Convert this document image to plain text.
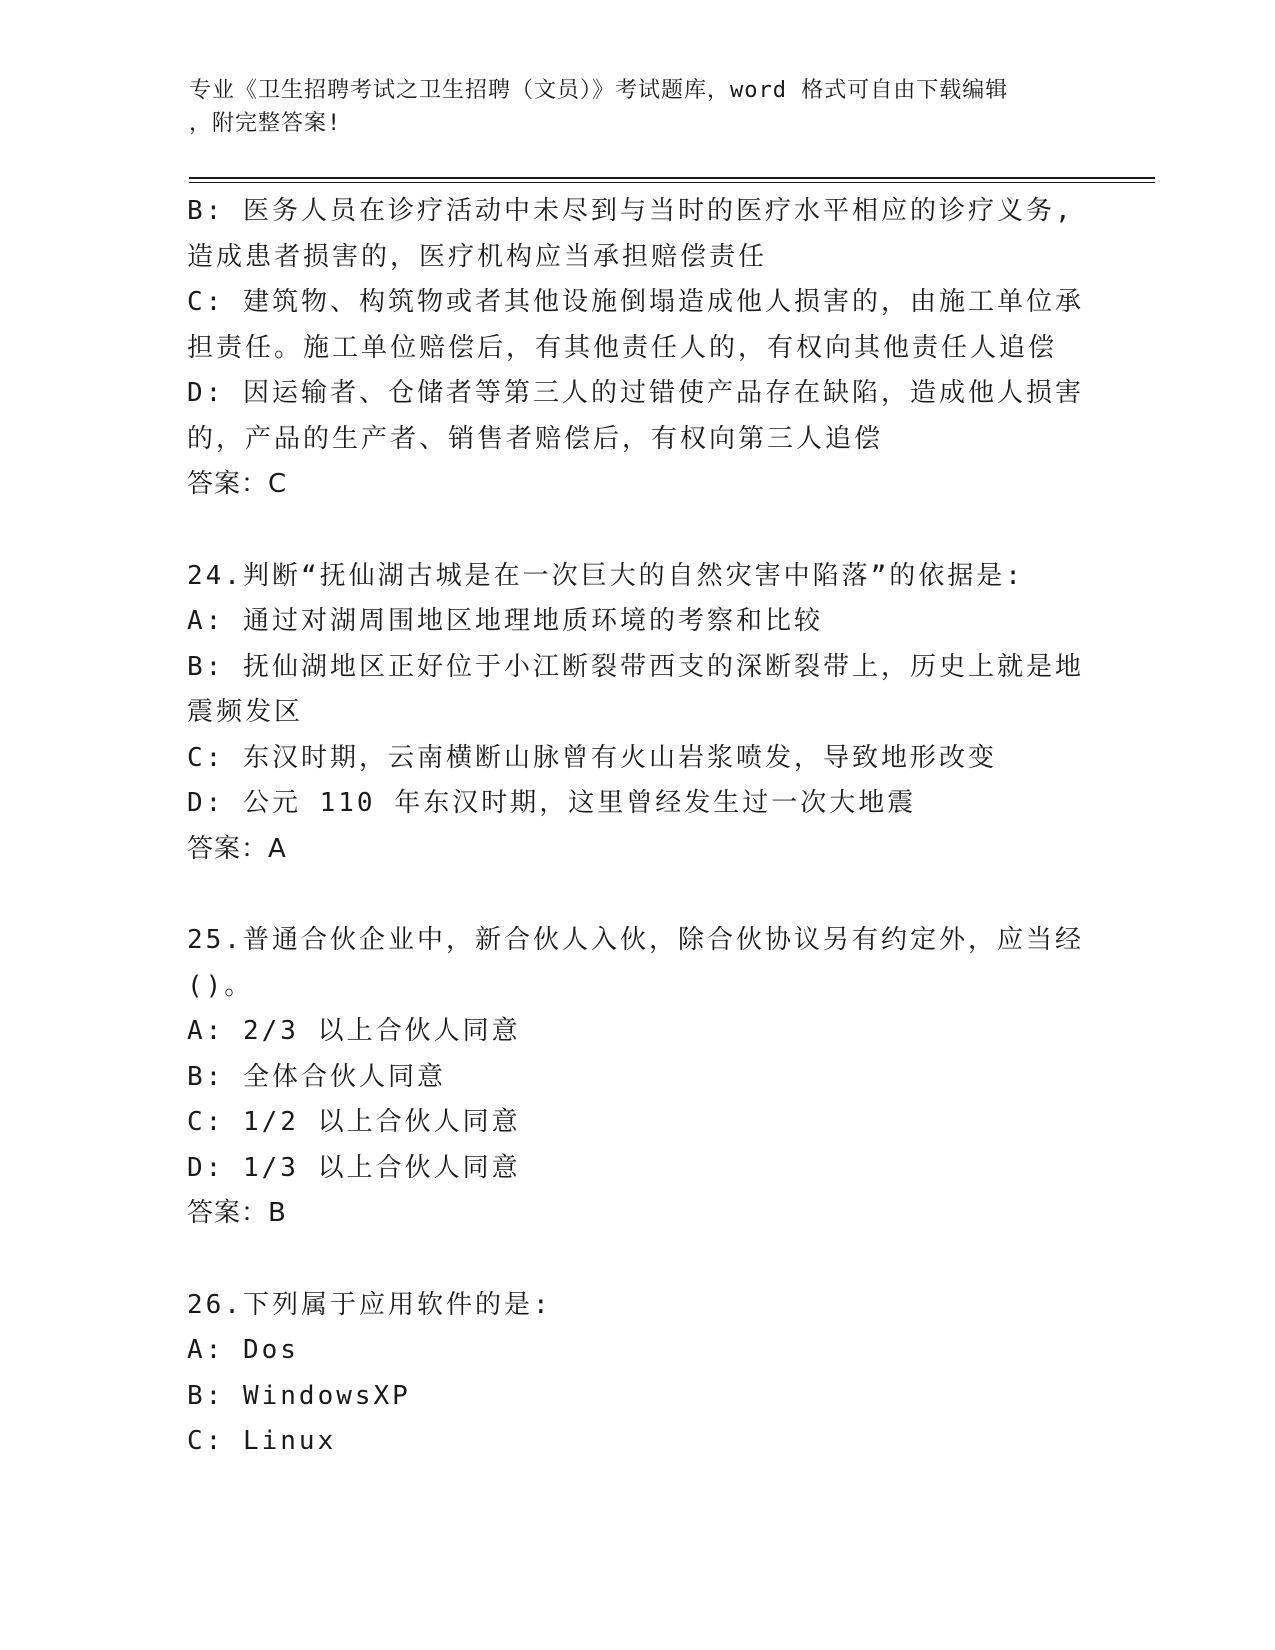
专业《卫生招聘考试之卫生招聘（文员）》考试题库，word 格式可自由下载编辑
，附完整答案!
B: 医务人员在诊疗活动中未尽到与当时的医疗水平相应的诊疗义务,
造成患者损害的，医疗机构应当承担赔偿责任
C: 建筑物、构筑物或者其他设施倒塌造成他人损害的，由施工单位承
担责任。施工单位赔偿后，有其他责任人的，有权向其他责任人追偿
D: 因运输者、仓储者等第三人的过错使产品存在缺陷，造成他人损害
的，产品的生产者、销售者赔偿后，有权向第三人追偿
答案：C
24.判断“抚仙湖古城是在一次巨大的自然灾害中陷落”的依据是:
A: 通过对湖周围地区地理地质环境的考察和比较
B: 抚仙湖地区正好位于小江断裂带西支的深断裂带上，历史上就是地
震频发区
C: 东汉时期，云南横断山脉曾有火山岩浆喷发，导致地形改变
D: 公元 110 年东汉时期，这里曾经发生过一次大地震
答案：A
25.普通合伙企业中，新合伙人入伙，除合伙协议另有约定外，应当经
()。
A: 2/3 以上合伙人同意
B: 全体合伙人同意
C: 1/2 以上合伙人同意
D: 1/3 以上合伙人同意
答案：B
26.下列属于应用软件的是:
A: Dos
B: WindowsXP
C: Linux
